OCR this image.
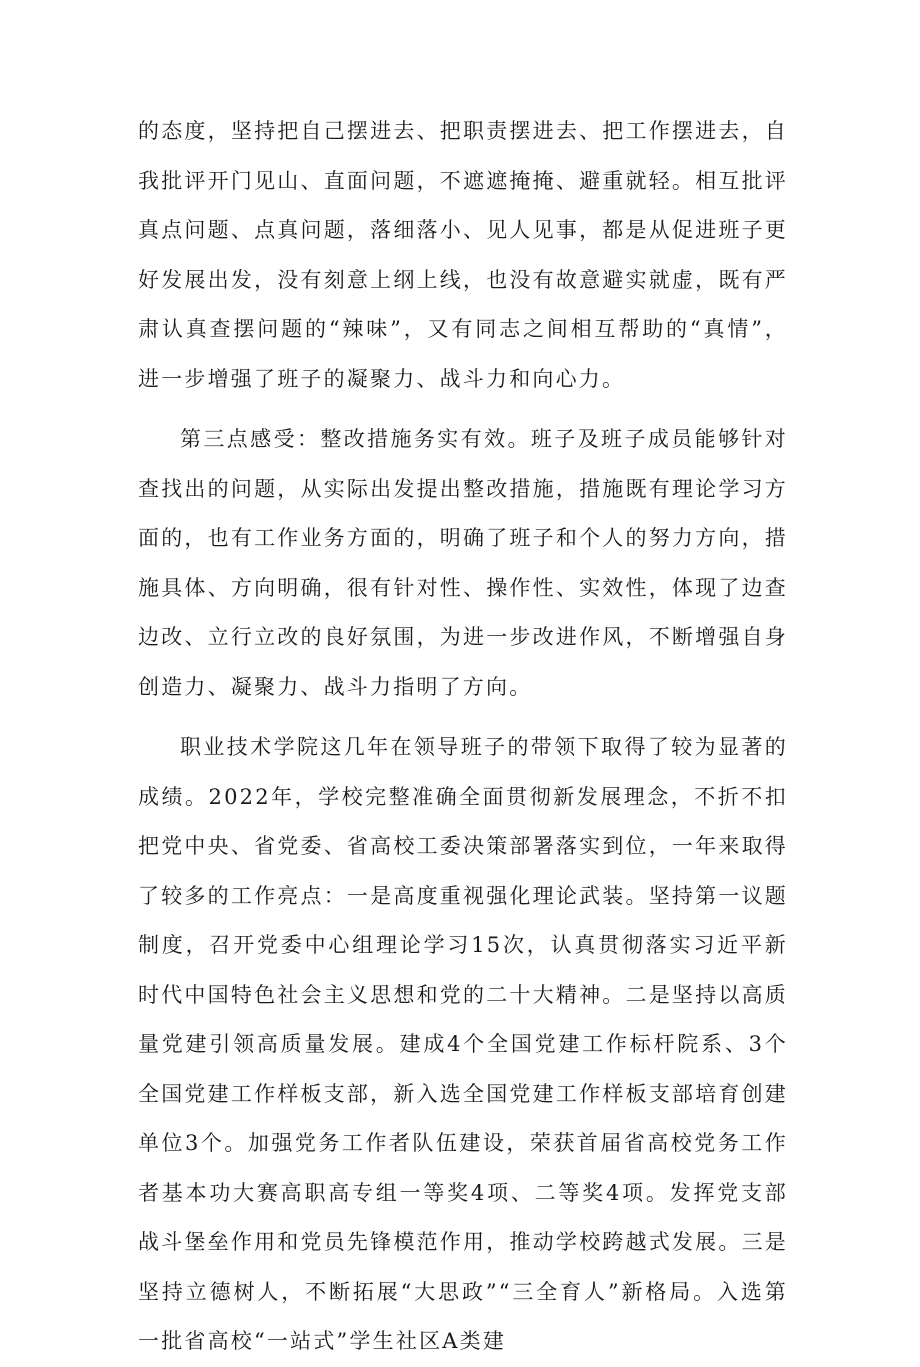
的态度，坚持把自己摆进去、把职责摆进去、把工作摆进去，自我批评开门见山、直面问题，不遮遮掩掩、避重就轻。相互批评真点问题、点真问题，落细落小、见人见事，都是从促进班子更好发展出发，没有刻意上纲上线，也没有故意避实就虚，既有严肃认真查摆问题的“辣味”，又有同志之间相互帮助的“真情”，进一步增强了班子的凝聚力、战斗力和向心力。

第三点感受：整改措施务实有效。班子及班子成员能够针对查找出的问题，从实际出发提出整改措施，措施既有理论学习方面的，也有工作业务方面的，明确了班子和个人的努力方向，措施具体、方向明确，很有针对性、操作性、实效性，体现了边查边改、立行立改的良好氛围，为进一步改进作风，不断增强自身创造力、凝聚力、战斗力指明了方向。

职业技术学院这几年在领导班子的带领下取得了较为显著的成绩。2022年，学校完整准确全面贯彻新发展理念，不折不扣把党中央、省党委、省高校工委决策部署落实到位，一年来取得了较多的工作亮点：一是高度重视强化理论武装。坚持第一议题制度，召开党委中心组理论学习15次，认真贯彻落实习近平新时代中国特色社会主义思想和党的二十大精神。二是坚持以高质量党建引领高质量发展。建成4个全国党建工作标杆院系、3个全国党建工作样板支部，新入选全国党建工作样板支部培育创建单位3个。加强党务工作者队伍建设，荣获首届省高校党务工作者基本功大赛高职高专组一等奖4项、二等奖4项。发挥党支部战斗堡垒作用和党员先锋模范作用，推动学校跨越式发展。三是坚持立德树人，不断拓展“大思政”“三全育人”新格局。入选第一批省高校“一站式”学生社区A类建
